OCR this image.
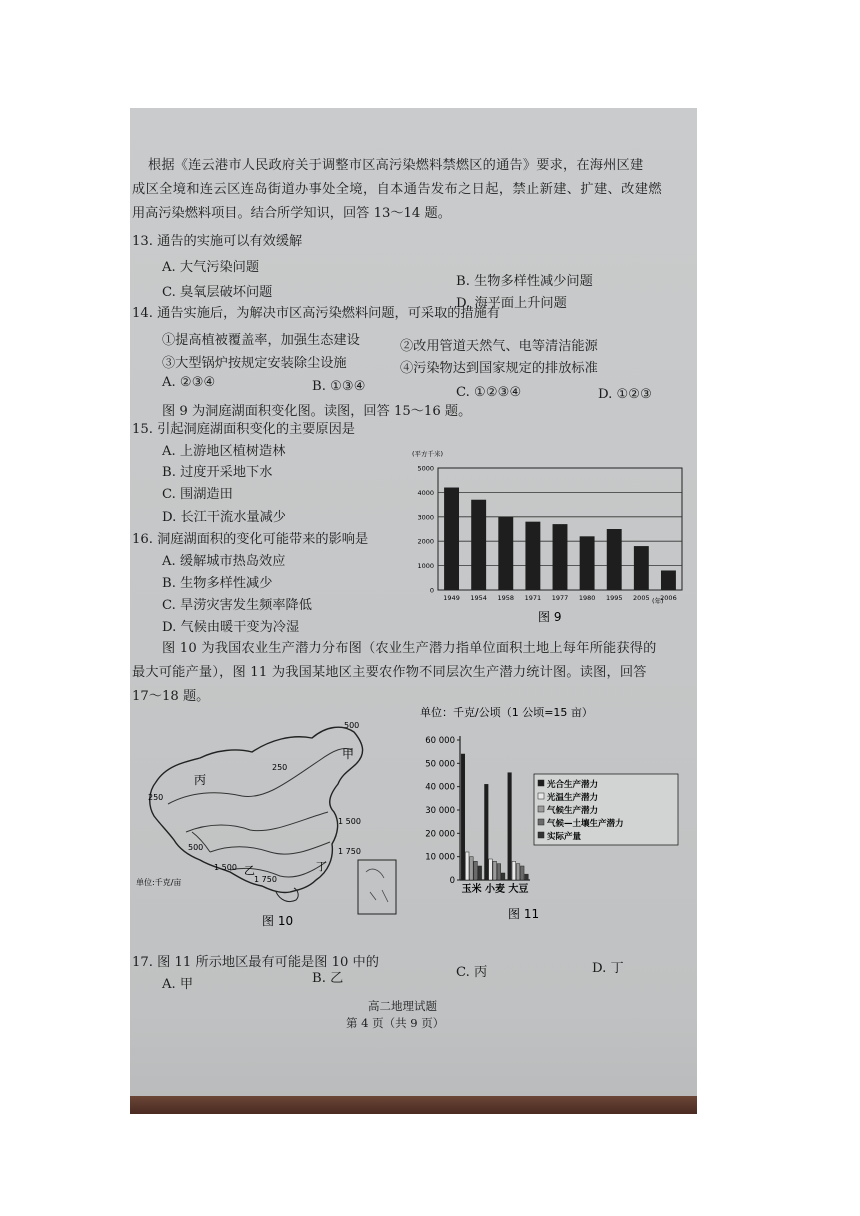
根据《连云港市人民政府关于调整市区高污染燃料禁燃区的通告》要求，在海州区建
成区全境和连云区连岛街道办事处全境，自本通告发布之日起，禁止新建、扩建、改建燃
用高污染燃料项目。结合所学知识，回答 13～14 题。
13. 通告的实施可以有效缓解
A. 大气污染问题
B. 生物多样性减少问题
C. 臭氧层破坏问题
D. 海平面上升问题
14. 通告实施后，为解决市区高污染燃料问题，可采取的措施有
①提高植被覆盖率，加强生态建设	②改用管道天然气、电等清洁能源
③大型锅炉按规定安装除尘设施	④污染物达到国家规定的排放标准
A. ②③④	B. ①③④	C. ①②③④	D. ①②③
图 9 为洞庭湖面积变化图。读图，回答 15～16 题。
15. 引起洞庭湖面积变化的主要原因是
A. 上游地区植树造林
B. 过度开采地下水
C. 围湖造田
D. 长江干流水量减少
16. 洞庭湖面积的变化可能带来的影响是
A. 缓解城市热岛效应
B. 生物多样性减少
C. 旱涝灾害发生频率降低
D. 气候由暖干变为冷湿
(平方千米)
(年)
图 9
5000
4000
3000
2000
1000
0
1949 1954 1958 1971 1977 1980 1995 2005 2006
图 10 为我国农业生产潜力分布图（农业生产潜力指单位面积土地上每年所能获得的
最大可能产量），图 11 为我国某地区主要农作物不同层次生产潜力统计图。读图，回答
17～18 题。
丙
甲
乙	丁
500
250
250
1 500
500	1 750
1 500
1 750
单位:千克/亩
图 10
单位：千克/公顷（1 公顷=15 亩）
图 11
60 000
50 000
40 000
30 000
20 000
10 000
0
玉米 小麦 大豆
光合生产潜力
光温生产潜力
气候生产潜力
气候—土壤生产潜力
实际产量
17. 图 11 所示地区最有可能是图 10 中的
A. 甲	B. 乙	C. 丙	D. 丁
高二地理试题
第 4 页（共 9 页）
